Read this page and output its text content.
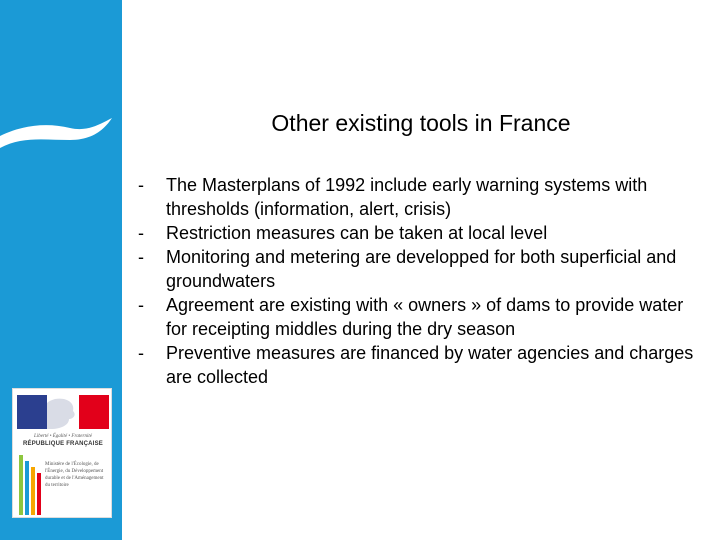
Liberté • Égalité • Fraternité
RÉPUBLIQUE FRANÇAISE
Ministère de l'Écologie, de l'Énergie, du Développement durable et de l'Aménagement du territoire
Other existing tools in France
- The Masterplans of 1992 include early warning systems with thresholds (information, alert, crisis)
- Restriction measures can be taken at local level
- Monitoring and metering are developped for both superficial and groundwaters
- Agreement are existing with « owners » of dams to provide water for receipting middles during the dry season
- Preventive measures are financed by water agencies and charges are collected
